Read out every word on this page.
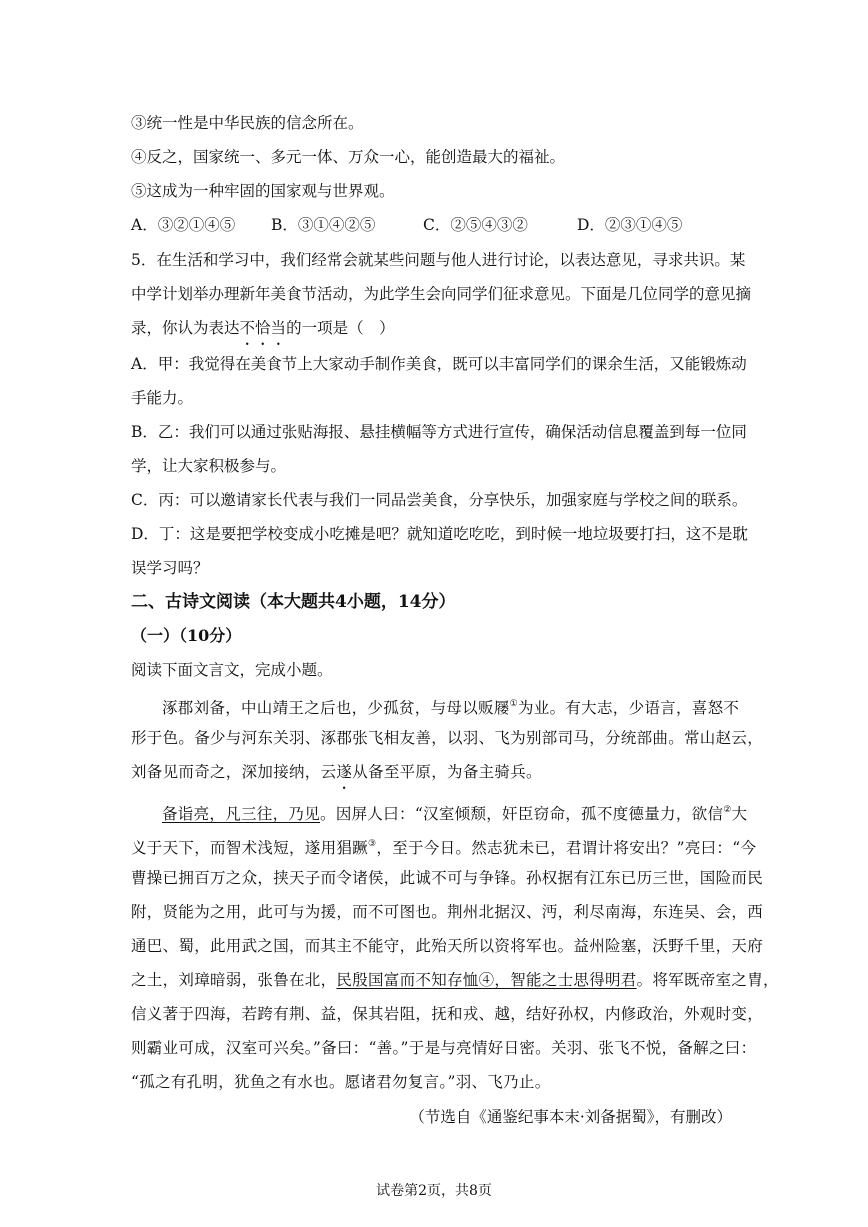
③统一性是中华民族的信念所在。
④反之，国家统一、多元一体、万众一心，能创造最大的福祉。
⑤这成为一种牢固的国家观与世界观。
A．③②①④⑤ B．③①④②⑤	C．②⑤④③②	D．②③①④⑤
5．在生活和学习中，我们经常会就某些问题与他人进行讨论，以表达意见，寻求共识。某
中学计划举办理新年美食节活动，为此学生会向同学们征求意见。下面是几位同学的意见摘
录，你认为表达不恰当的一项是（　）
A．甲：我觉得在美食节上大家动手制作美食，既可以丰富同学们的课余生活，又能锻炼动
手能力。
B．乙：我们可以通过张贴海报、悬挂横幅等方式进行宣传，确保活动信息覆盖到每一位同
学，让大家积极参与。
C．丙：可以邀请家长代表与我们一同品尝美食，分享快乐，加强家庭与学校之间的联系。
D．丁：这是要把学校变成小吃摊是吧？就知道吃吃吃，到时候一地垃圾要打扫，这不是耽
误学习吗？
二、古诗文阅读（本大题共4小题，14分）
（一）（10分）
阅读下面文言文，完成小题。
涿郡刘备，中山靖王之后也，少孤贫，与母以贩屦①为业。有大志，少语言，喜怒不
形于色。备少与河东关羽、涿郡张飞相友善，以羽、飞为别部司马，分统部曲。常山赵云，
刘备见而奇之，深加接纳，云遂从备至平原，为备主骑兵。
备诣亮，凡三往，乃见。因屏人曰：“汉室倾颓，奸臣窃命，孤不度德量力，欲信②大
义于天下，而智术浅短，遂用猖蹶③，至于今日。然志犹未已，君谓计将安出？”亮曰：“今
曹操已拥百万之众，挟天子而令诸侯，此诚不可与争锋。孙权据有江东已历三世，国险而民
附，贤能为之用，此可与为援，而不可图也。荆州北据汉、沔，利尽南海，东连吴、会，西
通巴、蜀，此用武之国，而其主不能守，此殆天所以资将军也。益州险塞，沃野千里，天府
之土，刘璋暗弱，张鲁在北，民殷国富而不知存恤④，智能之士思得明君。将军既帝室之胄，
信义著于四海，若跨有荆、益，保其岩阻，抚和戎、越，结好孙权，内修政治，外观时变，
则霸业可成，汉室可兴矣。”备曰：“善。”于是与亮情好日密。关羽、张飞不悦，备解之曰：
“孤之有孔明，犹鱼之有水也。愿诸君勿复言。”羽、飞乃止。
（节选自《通鉴纪事本末·刘备据蜀》，有删改）
试卷第2页，共8页
